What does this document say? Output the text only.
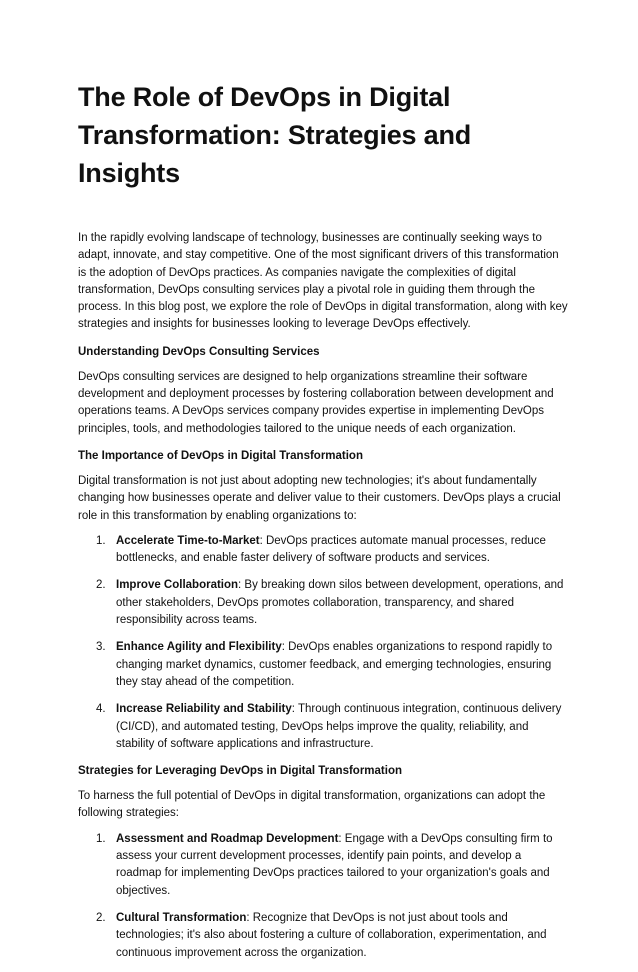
The Role of DevOps in Digital Transformation: Strategies and Insights

In the rapidly evolving landscape of technology, businesses are continually seeking ways to adapt, innovate, and stay competitive. One of the most significant drivers of this transformation is the adoption of DevOps practices. As companies navigate the complexities of digital transformation, DevOps consulting services play a pivotal role in guiding them through the process. In this blog post, we explore the role of DevOps in digital transformation, along with key strategies and insights for businesses looking to leverage DevOps effectively.

Understanding DevOps Consulting Services

DevOps consulting services are designed to help organizations streamline their software development and deployment processes by fostering collaboration between development and operations teams. A DevOps services company provides expertise in implementing DevOps principles, tools, and methodologies tailored to the unique needs of each organization.

The Importance of DevOps in Digital Transformation

Digital transformation is not just about adopting new technologies; it's about fundamentally changing how businesses operate and deliver value to their customers. DevOps plays a crucial role in this transformation by enabling organizations to:

1. Accelerate Time-to-Market: DevOps practices automate manual processes, reduce bottlenecks, and enable faster delivery of software products and services.
2. Improve Collaboration: By breaking down silos between development, operations, and other stakeholders, DevOps promotes collaboration, transparency, and shared responsibility across teams.
3. Enhance Agility and Flexibility: DevOps enables organizations to respond rapidly to changing market dynamics, customer feedback, and emerging technologies, ensuring they stay ahead of the competition.
4. Increase Reliability and Stability: Through continuous integration, continuous delivery (CI/CD), and automated testing, DevOps helps improve the quality, reliability, and stability of software applications and infrastructure.
Strategies for Leveraging DevOps in Digital Transformation

To harness the full potential of DevOps in digital transformation, organizations can adopt the following strategies:

1. Assessment and Roadmap Development: Engage with a DevOps consulting firm to assess your current development processes, identify pain points, and develop a roadmap for implementing DevOps practices tailored to your organization's goals and objectives.
2. Cultural Transformation: Recognize that DevOps is not just about tools and technologies; it's also about fostering a culture of collaboration, experimentation, and continuous improvement across the organization.
